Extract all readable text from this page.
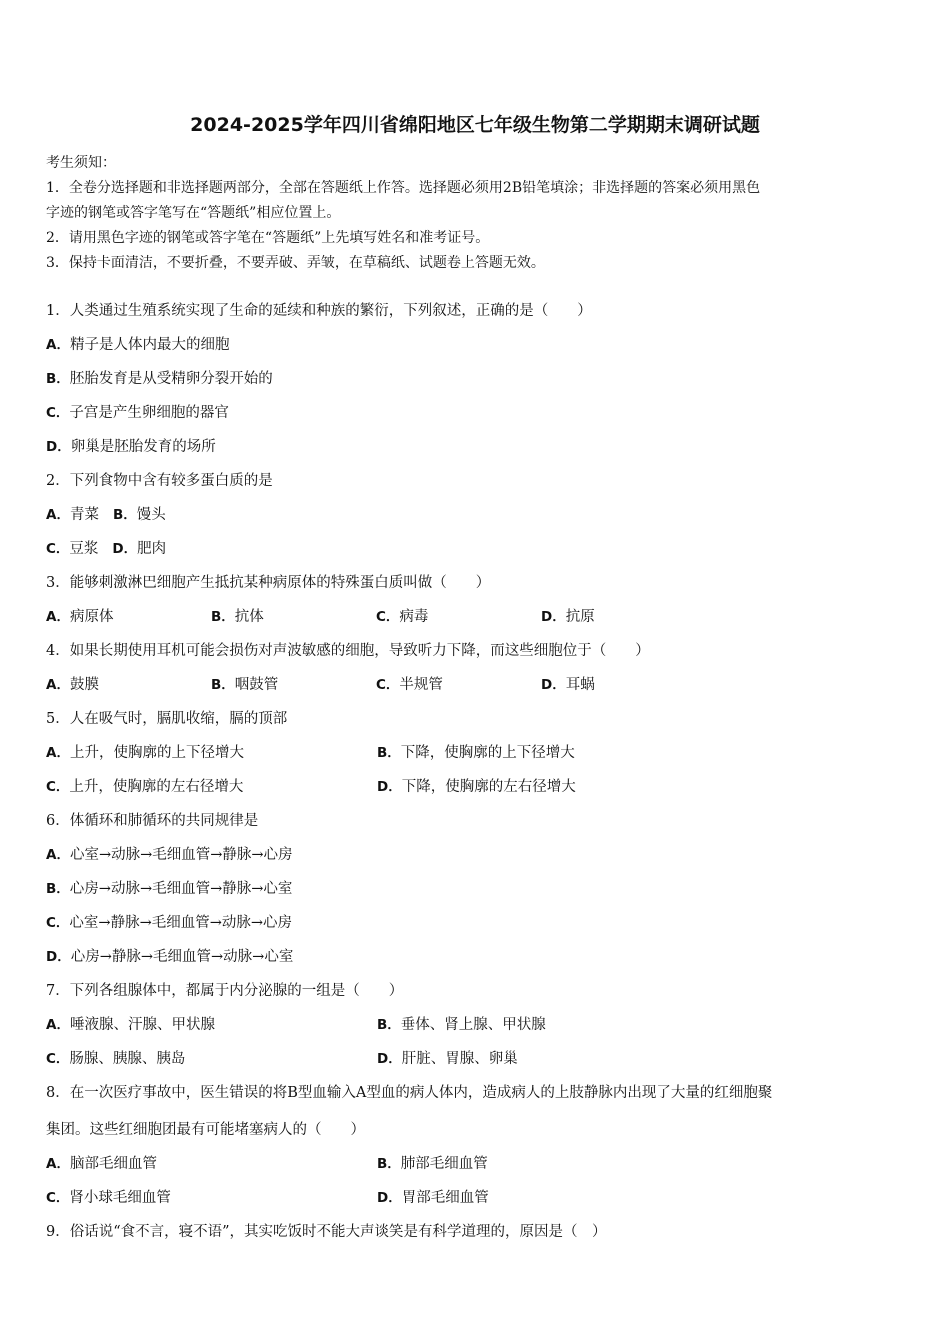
2024-2025学年四川省绵阳地区七年级生物第二学期期末调研试题
考生须知：
1．全卷分选择题和非选择题两部分，全部在答题纸上作答。选择题必须用2B铅笔填涂；非选择题的答案必须用黑色
字迹的钢笔或答字笔写在“答题纸”相应位置上。
2．请用黑色字迹的钢笔或答字笔在“答题纸”上先填写姓名和准考证号。
3．保持卡面清洁，不要折叠，不要弄破、弄皱，在草稿纸、试题卷上答题无效。
1．人类通过生殖系统实现了生命的延续和种族的繁衍，下列叙述，正确的是（　　）
A．精子是人体内最大的细胞
B．胚胎发育是从受精卵分裂开始的
C．子宫是产生卵细胞的器官
D．卵巢是胚胎发育的场所
2．下列食物中含有较多蛋白质的是
A．青菜 B．馒头
C．豆浆 D．肥肉
3．能够刺激淋巴细胞产生抵抗某种病原体的特殊蛋白质叫做（　　）
A．病原体	B．抗体	C．病毒	D．抗原
4．如果长期使用耳机可能会损伤对声波敏感的细胞，导致听力下降，而这些细胞位于（　　）
A．鼓膜	B．咽鼓管	C．半规管	D．耳蜗
5．人在吸气时，膈肌收缩，膈的顶部
A．上升，使胸廓的上下径增大	B．下降，使胸廓的上下径增大
C．上升，使胸廓的左右径增大	D．下降，使胸廓的左右径增大
6．体循环和肺循环的共同规律是
A．心室→动脉→毛细血管→静脉→心房
B．心房→动脉→毛细血管→静脉→心室
C．心室→静脉→毛细血管→动脉→心房
D．心房→静脉→毛细血管→动脉→心室
7．下列各组腺体中，都属于内分泌腺的一组是（　　）
A．唾液腺、汗腺、甲状腺	B．垂体、肾上腺、甲状腺
C．肠腺、胰腺、胰岛	D．肝脏、胃腺、卵巢
8．在一次医疗事故中，医生错误的将B型血输入A型血的病人体内，造成病人的上肢静脉内出现了大量的红细胞聚
集团。这些红细胞团最有可能堵塞病人的（　　）
A．脑部毛细血管	B．肺部毛细血管
C．肾小球毛细血管	D．胃部毛细血管
9．俗话说“食不言，寝不语”，其实吃饭时不能大声谈笑是有科学道理的，原因是（　）
